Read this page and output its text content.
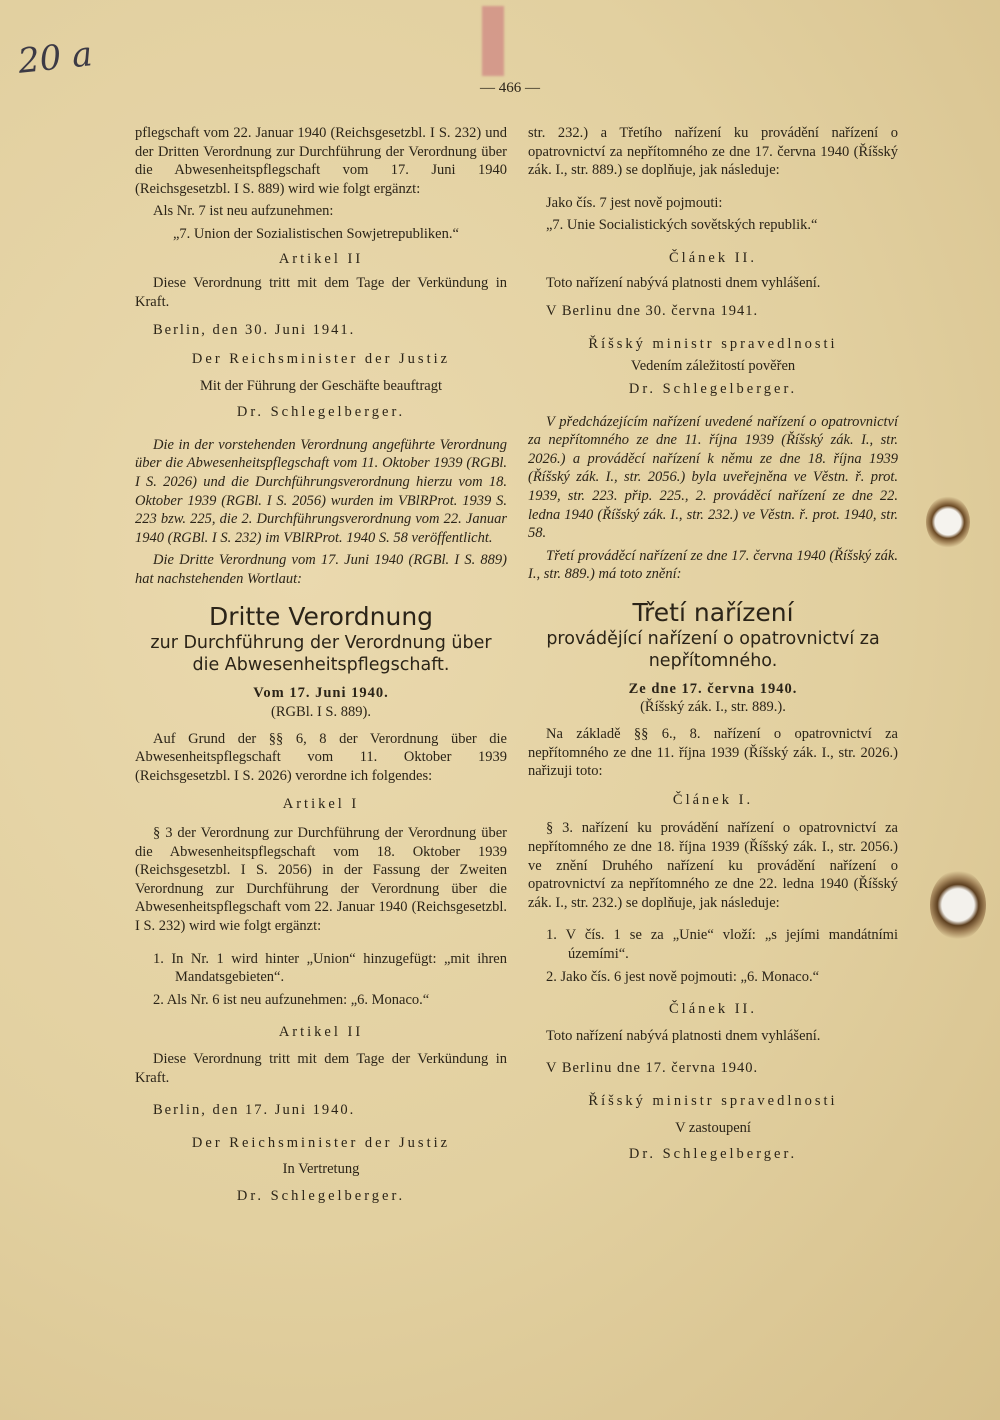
20 a
— 466 —

pflegschaft vom 22. Januar 1940 (Reichsgesetzbl. I S. 232) und der Dritten Verordnung zur Durchführung der Verordnung über die Abwesenheitspflegschaft vom 17. Juni 1940 (Reichsgesetzbl. I S. 889) wird wie folgt ergänzt:

Als Nr. 7 ist neu aufzunehmen:

„7. Union der Sozialistischen Sowjetrepubliken.“

Artikel II

Diese Verordnung tritt mit dem Tage der Verkündung in Kraft.

Berlin, den 30. Juni 1941.

Der Reichsminister der Justiz

Mit der Führung der Geschäfte beauftragt

Dr. Schlegelberger.

Die in der vorstehenden Verordnung angeführte Verordnung über die Abwesenheitspflegschaft vom 11. Oktober 1939 (RGBl. I S. 2026) und die Durchführungsverordnung hierzu vom 18. Oktober 1939 (RGBl. I S. 2056) wurden im VBlRProt. 1939 S. 223 bzw. 225, die 2. Durchführungsverordnung vom 22. Januar 1940 (RGBl. I S. 232) im VBlRProt. 1940 S. 58 veröffentlicht.

Die Dritte Verordnung vom 17. Juni 1940 (RGBl. I S. 889) hat nachstehenden Wortlaut:

Dritte Verordnung
zur Durchführung der Verordnung über die Abwesenheitspflegschaft.

Vom 17. Juni 1940.

(RGBl. I S. 889).

Auf Grund der §§ 6, 8 der Verordnung über die Abwesenheitspflegschaft vom 11. Oktober 1939 (Reichsgesetzbl. I S. 2026) verordne ich folgendes:

Artikel I

§ 3 der Verordnung zur Durchführung der Verordnung über die Abwesenheitspflegschaft vom 18. Oktober 1939 (Reichsgesetzbl. I S. 2056) in der Fassung der Zweiten Verordnung zur Durchführung der Verordnung über die Abwesenheitspflegschaft vom 22. Januar 1940 (Reichsgesetzbl. I S. 232) wird wie folgt ergänzt:

1. In Nr. 1 wird hinter „Union“ hinzugefügt: „mit ihren Mandatsgebieten“.

2. Als Nr. 6 ist neu aufzunehmen: „6. Monaco.“

Artikel II

Diese Verordnung tritt mit dem Tage der Verkündung in Kraft.

Berlin, den 17. Juni 1940.

Der Reichsminister der Justiz

In Vertretung

Dr. Schlegelberger.

str. 232.) a Třetího nařízení ku provádění nařízení o opatrovnictví za nepřítomného ze dne 17. června 1940 (Říšský zák. I., str. 889.) se doplňuje, jak následuje:

Jako čís. 7 jest nově pojmouti:

„7. Unie Socialistických sovětských republik.“

Článek II.

Toto nařízení nabývá platnosti dnem vyhlášení.

V Berlinu dne 30. června 1941.

Říšský ministr spravedlnosti

Vedením záležitostí pověřen

Dr. Schlegelberger.

V předcházejícím nařízení uvedené nařízení o opatrovnictví za nepřítomného ze dne 11. října 1939 (Říšský zák. I., str. 2026.) a prováděcí nařízení k němu ze dne 18. října 1939 (Říšský zák. I., str. 2056.) byla uveřejněna ve Věstn. ř. prot. 1939, str. 223. přip. 225., 2. prováděcí nařízení ze dne 22. ledna 1940 (Říšský zák. I., str. 232.) ve Věstn. ř. prot. 1940, str. 58.

Třetí prováděcí nařízení ze dne 17. června 1940 (Říšský zák. I., str. 889.) má toto znění:

Třetí nařízení
provádějící nařízení o opatrovnictví za nepřítomného.

Ze dne 17. června 1940.

(Říšský zák. I., str. 889.).

Na základě §§ 6., 8. nařízení o opatrovnictví za nepřítomného ze dne 11. října 1939 (Říšský zák. I., str. 2026.) nařizuji toto:

Článek I.

§ 3. nařízení ku provádění nařízení o opatrovnictví za nepřítomného ze dne 18. října 1939 (Říšský zák. I., str. 2056.) ve znění Druhého nařízení ku provádění nařízení o opatrovnictví za nepřítomného ze dne 22. ledna 1940 (Říšský zák. I., str. 232.) se doplňuje, jak následuje:

1. V čís. 1 se za „Unie“ vloží: „s jejími mandátními územími“.

2. Jako čís. 6 jest nově pojmouti: „6. Monaco.“

Článek II.

Toto nařízení nabývá platnosti dnem vyhlášení.

V Berlinu dne 17. června 1940.

Říšský ministr spravedlnosti

V zastoupení

Dr. Schlegelberger.
